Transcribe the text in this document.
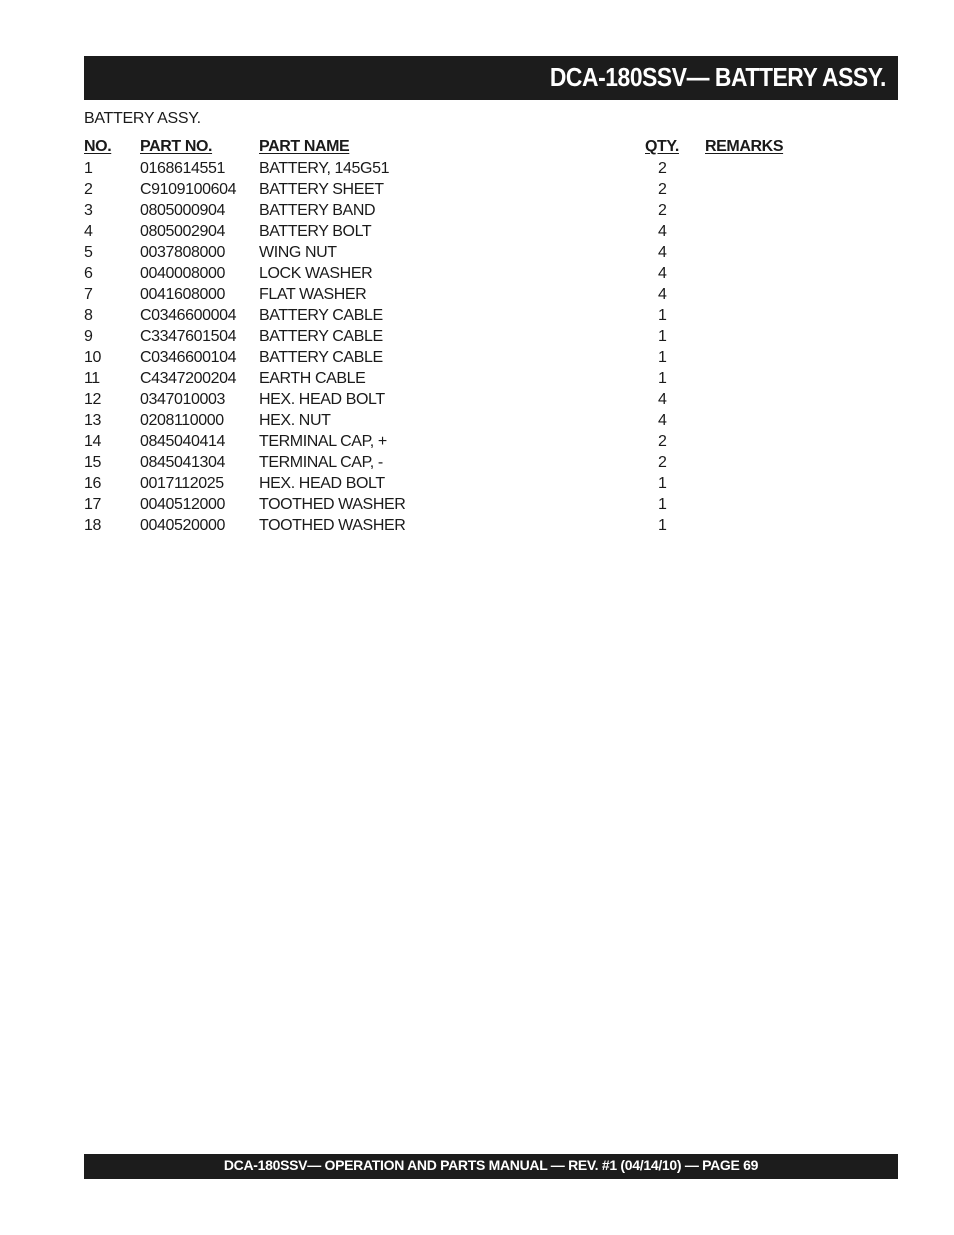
DCA-180SSV— BATTERY ASSY.
BATTERY ASSY.
NO. PART NO.	PART NAME	QTY. REMARKS
1	0168614551 BATTERY, 145G51	2
2	C9109100604 BATTERY SHEET	2
3	0805000904 BATTERY BAND	2
4	0805002904 BATTERY BOLT	4
5	0037808000 WING NUT	4
6	0040008000 LOCK WASHER	4
7	0041608000 FLAT WASHER	4
8	C0346600004 BATTERY CABLE	1
9	C3347601504 BATTERY CABLE	1
10 C0346600104 BATTERY CABLE	1
11	C4347200204 EARTH CABLE	1
12 0347010003 HEX. HEAD BOLT	4
13 0208110000 HEX. NUT	4
14 0845040414 TERMINAL CAP, +	2
15 0845041304 TERMINAL CAP, -	2
16 0017112025 HEX. HEAD BOLT	1
17 0040512000 TOOTHED WASHER	1
18 0040520000 TOOTHED WASHER	1
DCA-180SSV— OPERATION AND PARTS MANUAL — REV. #1 (04/14/10) — PAGE 69
